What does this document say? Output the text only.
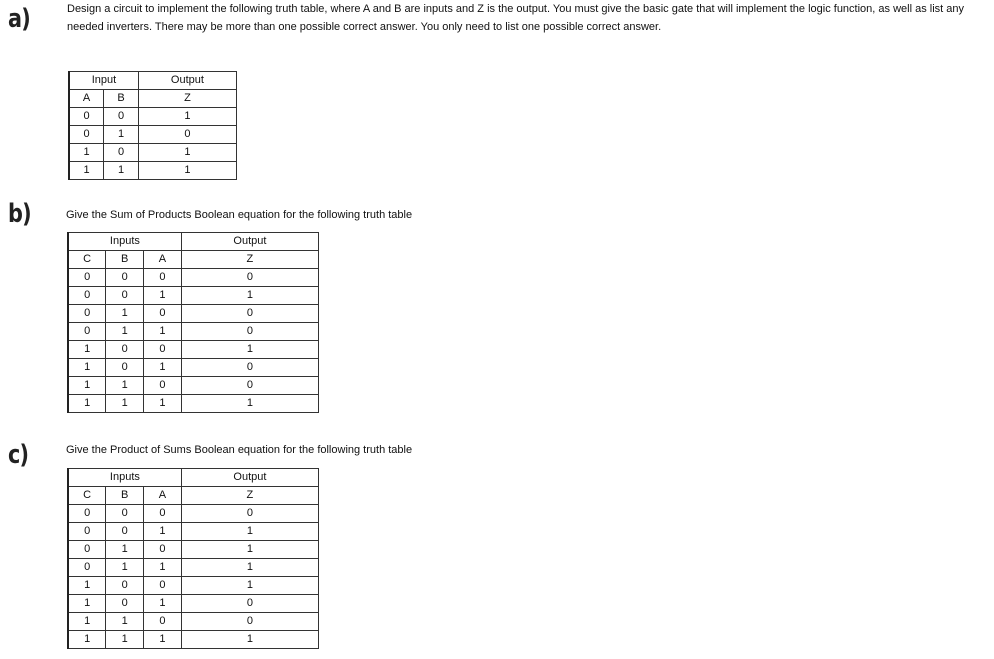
a)	Design a circuit to implement the following truth table, where A and B are inputs and Z is the output. You must give the basic gate that will implement the logic function, as well as list any
needed inverters. There may be more than one possible correct answer. You only need to list one possible correct answer.
Input		Output
A	B	Z
0	0	1
0	1	0
1	0	1
1	1	1
b)	Give the Sum of Products Boolean equation for the following truth table
Inputs			Output
C	B	A	Z
0	0	0	0
0	0	1	1
0	1	0	0
0	1	1	0
1	0	0	1
1	0	1	0
1	1	0	0
1	1	1	1
c)	Give the Product of Sums Boolean equation for the following truth table
Inputs			Output
C	B	A	Z
0	0	0	0
0	0	1	1
0	1	0	1
0	1	1	1
1	0	0	1
1	0	1	0
1	1	0	0
1	1	1	1
